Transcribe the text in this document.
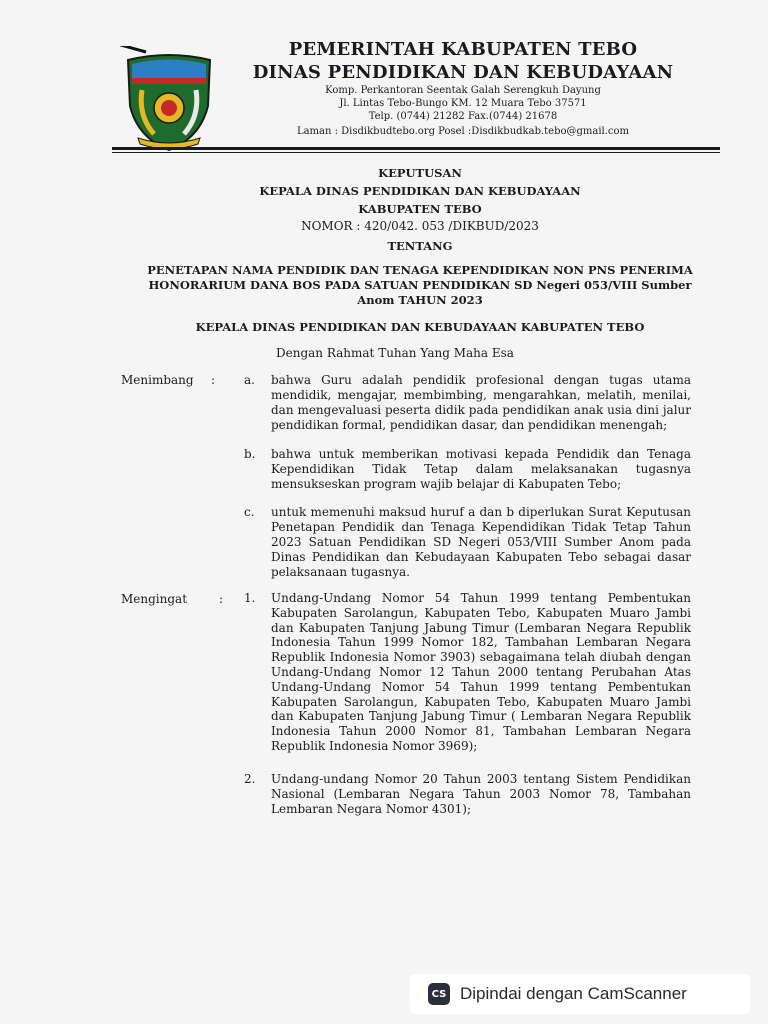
PEMERINTAH KABUPATEN TEBO
DINAS PENDIDIKAN DAN KEBUDAYAAN
Komp. Perkantoran Seentak Galah Serengkuh Dayung
Jl. Lintas Tebo-Bungo KM. 12 Muara Tebo 37571
Telp. (0744) 21282 Fax.(0744) 21678
Laman : Disdikbudtebo.org Posel :Disdikbudkab.tebo@gmail.com
KEPUTUSAN
KEPALA DINAS PENDIDIKAN DAN KEBUDAYAAN
KABUPATEN TEBO
NOMOR : 420/042. 053 /DIKBUD/2023
TENTANG
PENETAPAN NAMA PENDIDIK DAN TENAGA KEPENDIDIKAN NON PNS PENERIMA
HONORARIUM DANA BOS PADA SATUAN PENDIDIKAN SD Negeri 053/VIII Sumber
Anom TAHUN 2023
KEPALA DINAS PENDIDIKAN DAN KEBUDAYAAN KABUPATEN TEBO
Dengan Rahmat Tuhan Yang Maha Esa
Menimbang : a. bahwa Guru adalah pendidik profesional dengan tugas utama mendidik, mengajar, membimbing, mengarahkan, melatih, menilai, dan mengevaluasi peserta didik pada pendidikan anak usia dini jalur pendidikan formal, pendidikan dasar, dan pendidikan menengah;
b. bahwa untuk memberikan motivasi kepada Pendidik dan Tenaga Kependidikan Tidak Tetap dalam melaksanakan tugasnya mensukseskan program wajib belajar di Kabupaten Tebo;
c. untuk memenuhi maksud huruf a dan b diperlukan Surat Keputusan Penetapan Pendidik dan Tenaga Kependidikan Tidak Tetap Tahun 2023 Satuan Pendidikan SD Negeri 053/VIII Sumber Anom pada Dinas Pendidikan dan Kebudayaan Kabupaten Tebo sebagai dasar pelaksanaan tugasnya.
Mengingat	: 1. Undang-Undang Nomor 54 Tahun 1999 tentang Pembentukan Kabupaten Sarolangun, Kabupaten Tebo, Kabupaten Muaro Jambi dan Kabupaten Tanjung Jabung Timur (Lembaran Negara Republik Indonesia Tahun 1999 Nomor 182, Tambahan Lembaran Negara Republik Indonesia Nomor 3903) sebagaimana telah diubah dengan Undang-Undang Nomor 12 Tahun 2000 tentang Perubahan Atas Undang-Undang Nomor 54 Tahun 1999 tentang Pembentukan Kabupaten Sarolangun, Kabupaten Tebo, Kabupaten Muaro Jambi dan Kabupaten Tanjung Jabung Timur ( Lembaran Negara Republik Indonesia Tahun 2000 Nomor 81, Tambahan Lembaran Negara Republik Indonesia Nomor 3969);
2. Undang-undang Nomor 20 Tahun 2003 tentang Sistem Pendidikan Nasional (Lembaran Negara Tahun 2003 Nomor 78, Tambahan Lembaran Negara Nomor 4301);
CS Dipindai dengan CamScanner
